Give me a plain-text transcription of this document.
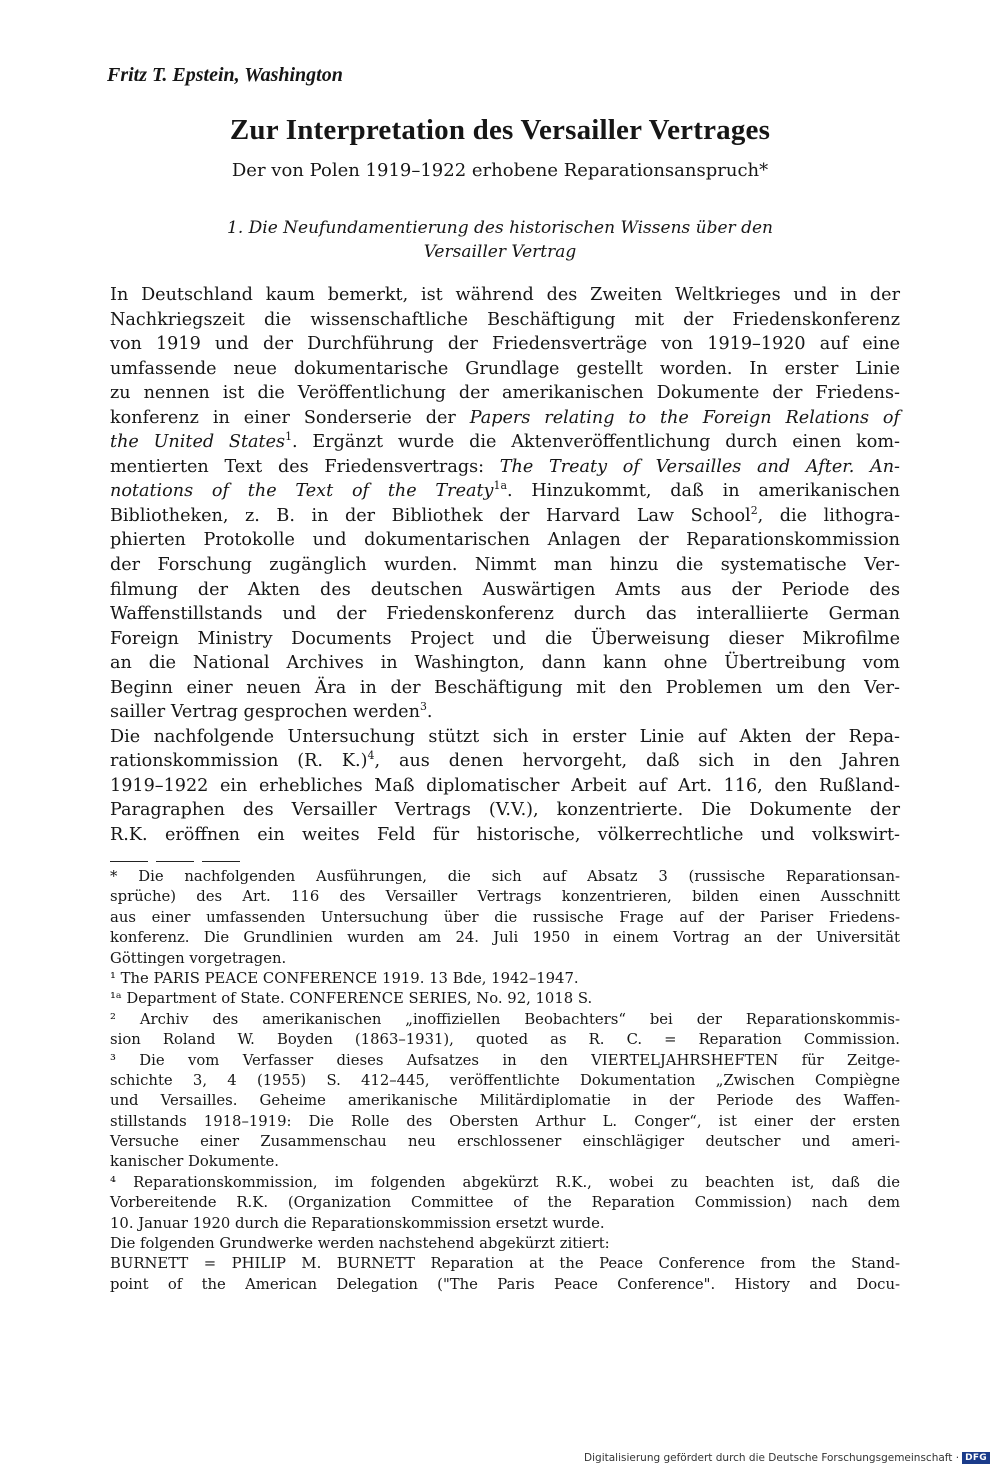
Fritz T. Epstein, Washington
Zur Interpretation des Versailler Vertrages
Der von Polen 1919–1922 erhobene Reparationsanspruch*
1. Die Neufundamentierung des historischen Wissens über den
Versailler Vertrag
In Deutschland kaum bemerkt, ist während des Zweiten Weltkrieges und in der
Nachkriegszeit die wissenschaftliche Beschäftigung mit der Friedenskonferenz
von 1919 und der Durchführung der Friedensverträge von 1919–1920 auf eine
umfassende neue dokumentarische Grundlage gestellt worden. In erster Linie
zu nennen ist die Veröffentlichung der amerikanischen Dokumente der Friedens-
konferenz in einer Sonderserie der Papers relating to the Foreign Relations of
the United States$^1$. Ergänzt wurde die Aktenveröffentlichung durch einen kom-
mentierten Text des Friedensvertrags: The Treaty of Versailles and After. An-
notations of the Text of the Treaty$^{1a}$. Hinzukommt, daß in amerikanischen
Bibliotheken, z. B. in der Bibliothek der Harvard Law School$^2$, die lithogra-
phierten Protokolle und dokumentarischen Anlagen der Reparationskommission
der Forschung zugänglich wurden. Nimmt man hinzu die systematische Ver-
filmung der Akten des deutschen Auswärtigen Amts aus der Periode des
Waffenstillstands und der Friedenskonferenz durch das interalliierte German
Foreign Ministry Documents Project und die Überweisung dieser Mikrofilme
an die National Archives in Washington, dann kann ohne Übertreibung vom
Beginn einer neuen Ära in der Beschäftigung mit den Problemen um den Ver-
sailler Vertrag gesprochen werden$^3$.
Die nachfolgende Untersuchung stützt sich in erster Linie auf Akten der Repa-
rationskommission (R. K.)$^4$, aus denen hervorgeht, daß sich in den Jahren
1919–1922 ein erhebliches Maß diplomatischer Arbeit auf Art. 116, den Rußland-
Paragraphen des Versailler Vertrags (V.V.), konzentrierte. Die Dokumente der
R.K. eröffnen ein weites Feld für historische, völkerrechtliche und volkswirt-
* Die nachfolgenden Ausführungen, die sich auf Absatz 3 (russische Reparationsan-
sprüche) des Art. 116 des Versailler Vertrags konzentrieren, bilden einen Ausschnitt
aus einer umfassenden Untersuchung über die russische Frage auf der Pariser Friedens-
konferenz. Die Grundlinien wurden am 24. Juli 1950 in einem Vortrag an der Universität
Göttingen vorgetragen.
¹ The PARIS PEACE CONFERENCE 1919. 13 Bde, 1942–1947.
¹ᵃ Department of State. CONFERENCE SERIES, No. 92, 1018 S.
² Archiv des amerikanischen „inoffiziellen Beobachters“ bei der Reparationskommis-
sion Roland W. Boyden (1863–1931), quoted as R. C. = Reparation Commission.
³ Die vom Verfasser dieses Aufsatzes in den VIERTELJAHRSHEFTEN für Zeitge-
schichte 3, 4 (1955) S. 412–445, veröffentlichte Dokumentation „Zwischen Compiègne
und Versailles. Geheime amerikanische Militärdiplomatie in der Periode des Waffen-
stillstands 1918–1919: Die Rolle des Obersten Arthur L. Conger“, ist einer der ersten
Versuche einer Zusammenschau neu erschlossener einschlägiger deutscher und ameri-
kanischer Dokumente.
⁴ Reparationskommission, im folgenden abgekürzt R.K., wobei zu beachten ist, daß die
Vorbereitende R.K. (Organization Committee of the Reparation Commission) nach dem
10. Januar 1920 durch die Reparationskommission ersetzt wurde.
Die folgenden Grundwerke werden nachstehend abgekürzt zitiert:
BURNETT = PHILIP M. BURNETT Reparation at the Peace Conference from the Stand-
point of the American Delegation ("The Paris Peace Conference". History and Docu-
Digitalisierung gefördert durch die Deutsche Forschungsgemeinschaft · DFG
